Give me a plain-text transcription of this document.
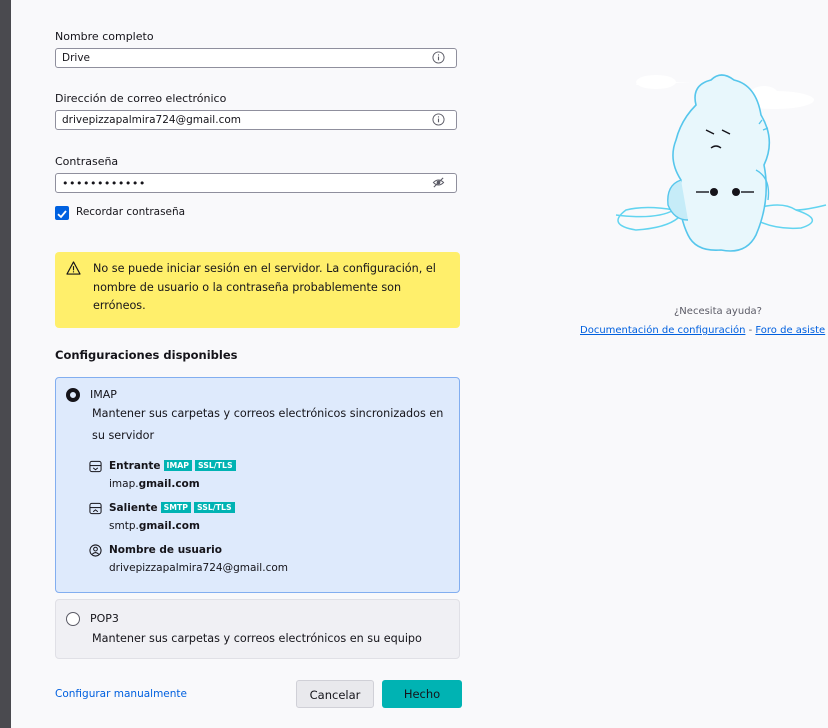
Nombre completo
Drive
Dirección de correo electrónico
drivepizzapalmira724@gmail.com
Contraseña
••••••••••••
Recordar contraseña
No se puede iniciar sesión en el servidor. La configuración, el nombre de usuario o la contraseña probablemente son erróneos.
Configuraciones disponibles
IMAP
Mantener sus carpetas y correos electrónicos sincronizados en su servidor
Entrante IMAP SSL/TLS
imap.gmail.com
Saliente SMTP SSL/TLS
smtp.gmail.com
Nombre de usuario
drivepizzapalmira724@gmail.com
POP3
Mantener sus carpetas y correos electrónicos en su equipo
Configurar manualmente	Cancelar	Hecho
¿Necesita ayuda?
Documentación de configuración - Foro de asiste
